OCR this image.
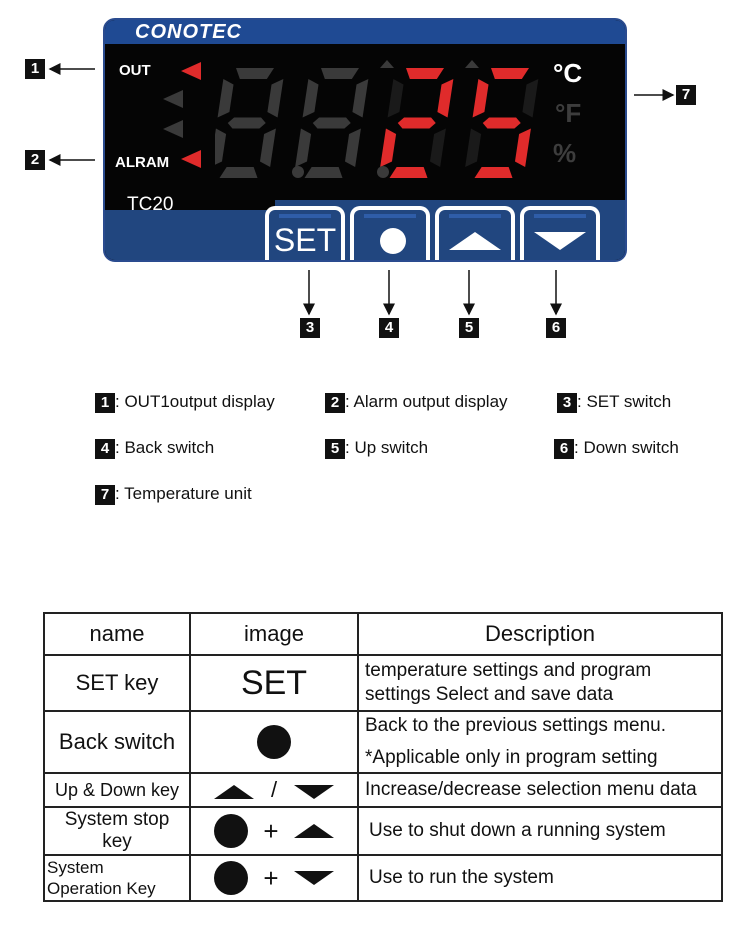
CONOTEC
TC20
OUT
ALRAM
°C
°F
%
SET
1
2
3	4	5	6
7
1 : OUT1output display	2 : Alarm output display	3 : SET switch
4 : Back switch	5 : Up switch	6 : Down switch
7 : Temperature unit
name	image	Description
SET key	SET	temperature settings and program
settings Select and save data

Back switch		Back to the previous settings menu.
*Applicable only in program setting

Up & Down key	/	Increase/decrease selection menu data

System stop key	+	Use to shut down a running system

System Operation Key	+	Use to run the system
